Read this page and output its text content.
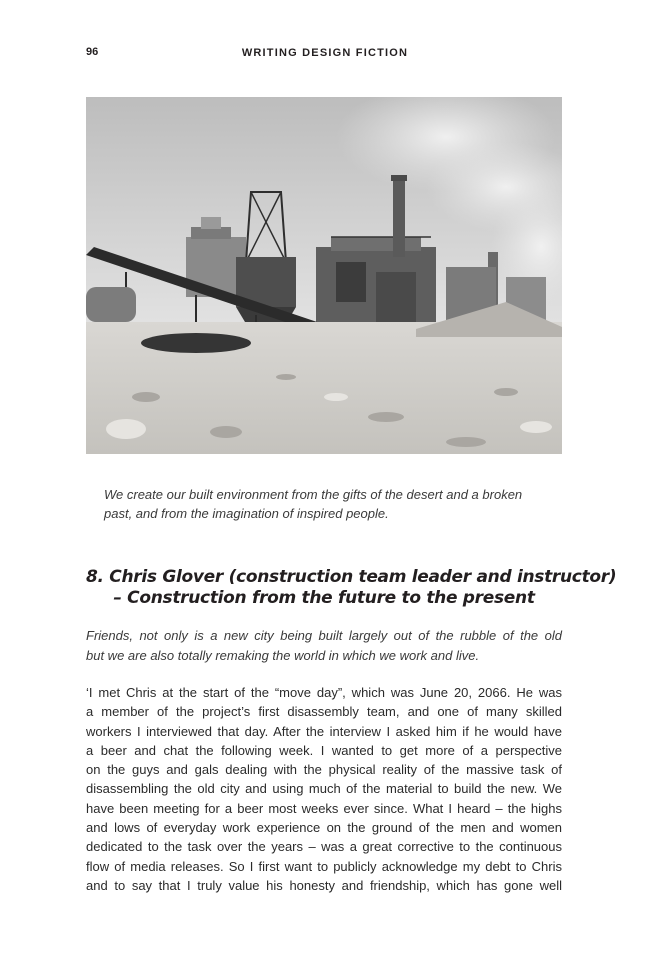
96	WRITING DESIGN FICTION
We create our built environment from the gifts of the desert and a broken
past, and from the imagination of inspired people.
8. Chris Glover (construction team leader and instructor)
– Construction from the future to the present
Friends, not only is a new city being built largely out of the rubble of the old
but we are also totally remaking the world in which we work and live.
‘I met Chris at the start of the “move day”, which was June 20, 2066. He was
a member of the project’s first disassembly team, and one of many skilled
workers I interviewed that day. After the interview I asked him if he would have
a beer and chat the following week. I wanted to get more of a perspective
on the guys and gals dealing with the physical reality of the massive task of
disassembling the old city and using much of the material to build the new. We
have been meeting for a beer most weeks ever since. What I heard – the highs
and lows of everyday work experience on the ground of the men and women
dedicated to the task over the years – was a great corrective to the continuous
flow of media releases. So I first want to publicly acknowledge my debt to Chris
and to say that I truly value his honesty and friendship, which has gone well
